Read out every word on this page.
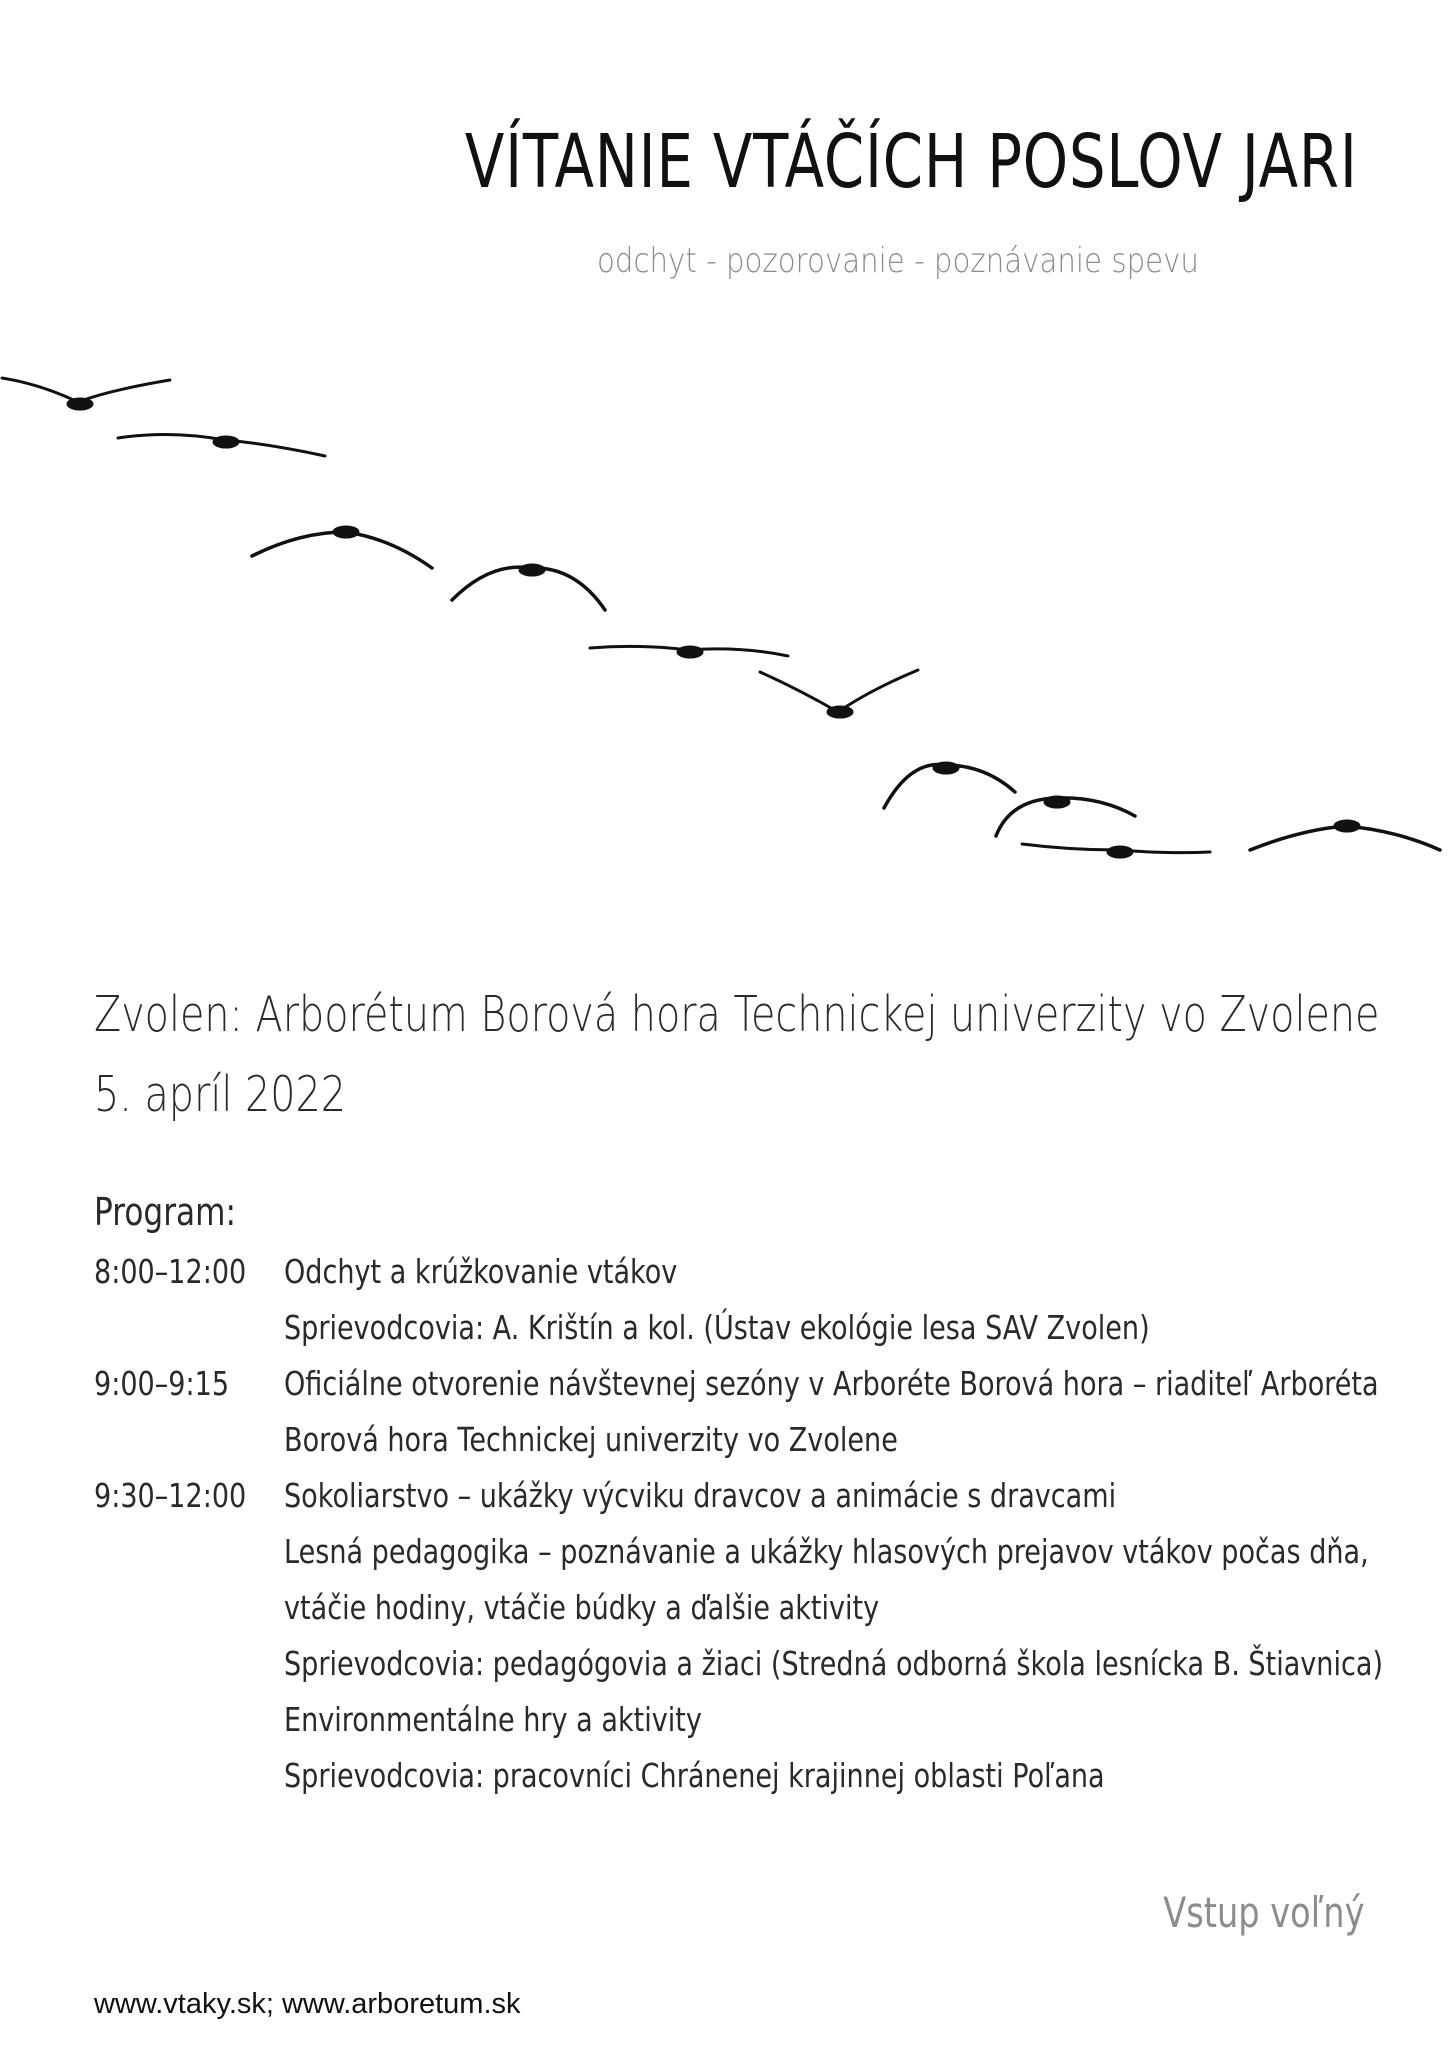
VÍTANIE VTÁČÍCH POSLOV JARI
odchyt - pozorovanie - poznávanie spevu
Zvolen: Arborétum Borová hora Technickej univerzity vo Zvolene
5. apríl 2022
Program:
8:00–12:00 Odchyt a krúžkovanie vtákov
Sprievodcovia: A. Krištín a kol. (Ústav ekológie lesa SAV Zvolen)
9:00–9:15 Oficiálne otvorenie návštevnej sezóny v Arboréte Borová hora – riaditeľ Arboréta
Borová hora Technickej univerzity vo Zvolene
9:30–12:00 Sokoliarstvo – ukážky výcviku dravcov a animácie s dravcami
Lesná pedagogika – poznávanie a ukážky hlasových prejavov vtákov počas dňa,
vtáčie hodiny, vtáčie búdky a ďalšie aktivity
Sprievodcovia: pedagógovia a žiaci (Stredná odborná škola lesnícka B. Štiavnica)
Environmentálne hry a aktivity
Sprievodcovia: pracovníci Chránenej krajinnej oblasti Poľana
Vstup voľný
www.vtaky.sk; www.arboretum.sk
